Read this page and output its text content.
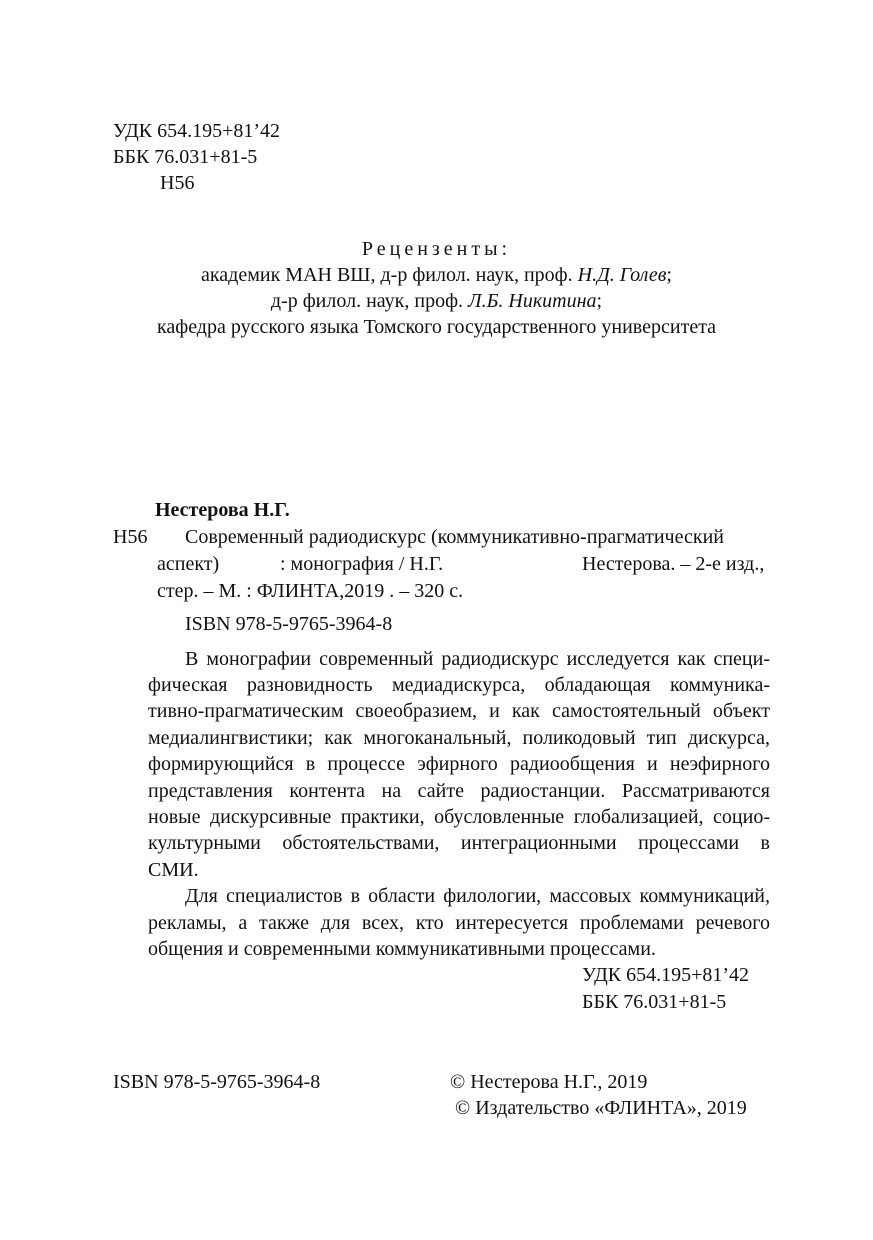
УДК 654.195+81’42
ББК 76.031+81-5
Н56
Рецензенты:
академик МАН ВШ, д-р филол. наук, проф. Н.Д. Голев;
д-р филол. наук, проф. Л.Б. Никитина;
кафедра русского языка Томского государственного университета
Нестерова Н.Г.
Н56 Современный радиодискурс (коммуникативно-прагматический
аспект)	: монография / Н.Г.	Нестерова. – 2-е изд.,
стер. – М. : ФЛИНТА,2019 . – 320 с.
ISBN 978-5-9765-3964-8
В монографии современный радиодискурс исследуется как специ-
фическая разновидность медиадискурса, обладающая коммуника-
тивно-прагматическим своеобразием, и как самостоятельный объект
медиалингвистики; как многоканальный, поликодовый тип дискурса,
формирующийся в процессе эфирного радиообщения и неэфирного
представления контента на сайте радиостанции. Рассматриваются
новые дискурсивные практики, обусловленные глобализацией, социо-
культурными обстоятельствами, интеграционными процессами в
СМИ.
Для специалистов в области филологии, массовых коммуникаций,
рекламы, а также для всех, кто интересуется проблемами речевого
общения и современными коммуникативными процессами.
УДК 654.195+81’42
ББК 76.031+81-5
ISBN 978-5-9765-3964-8	© Нестерова Н.Г., 2019
© Издательство «ФЛИНТА», 2019
